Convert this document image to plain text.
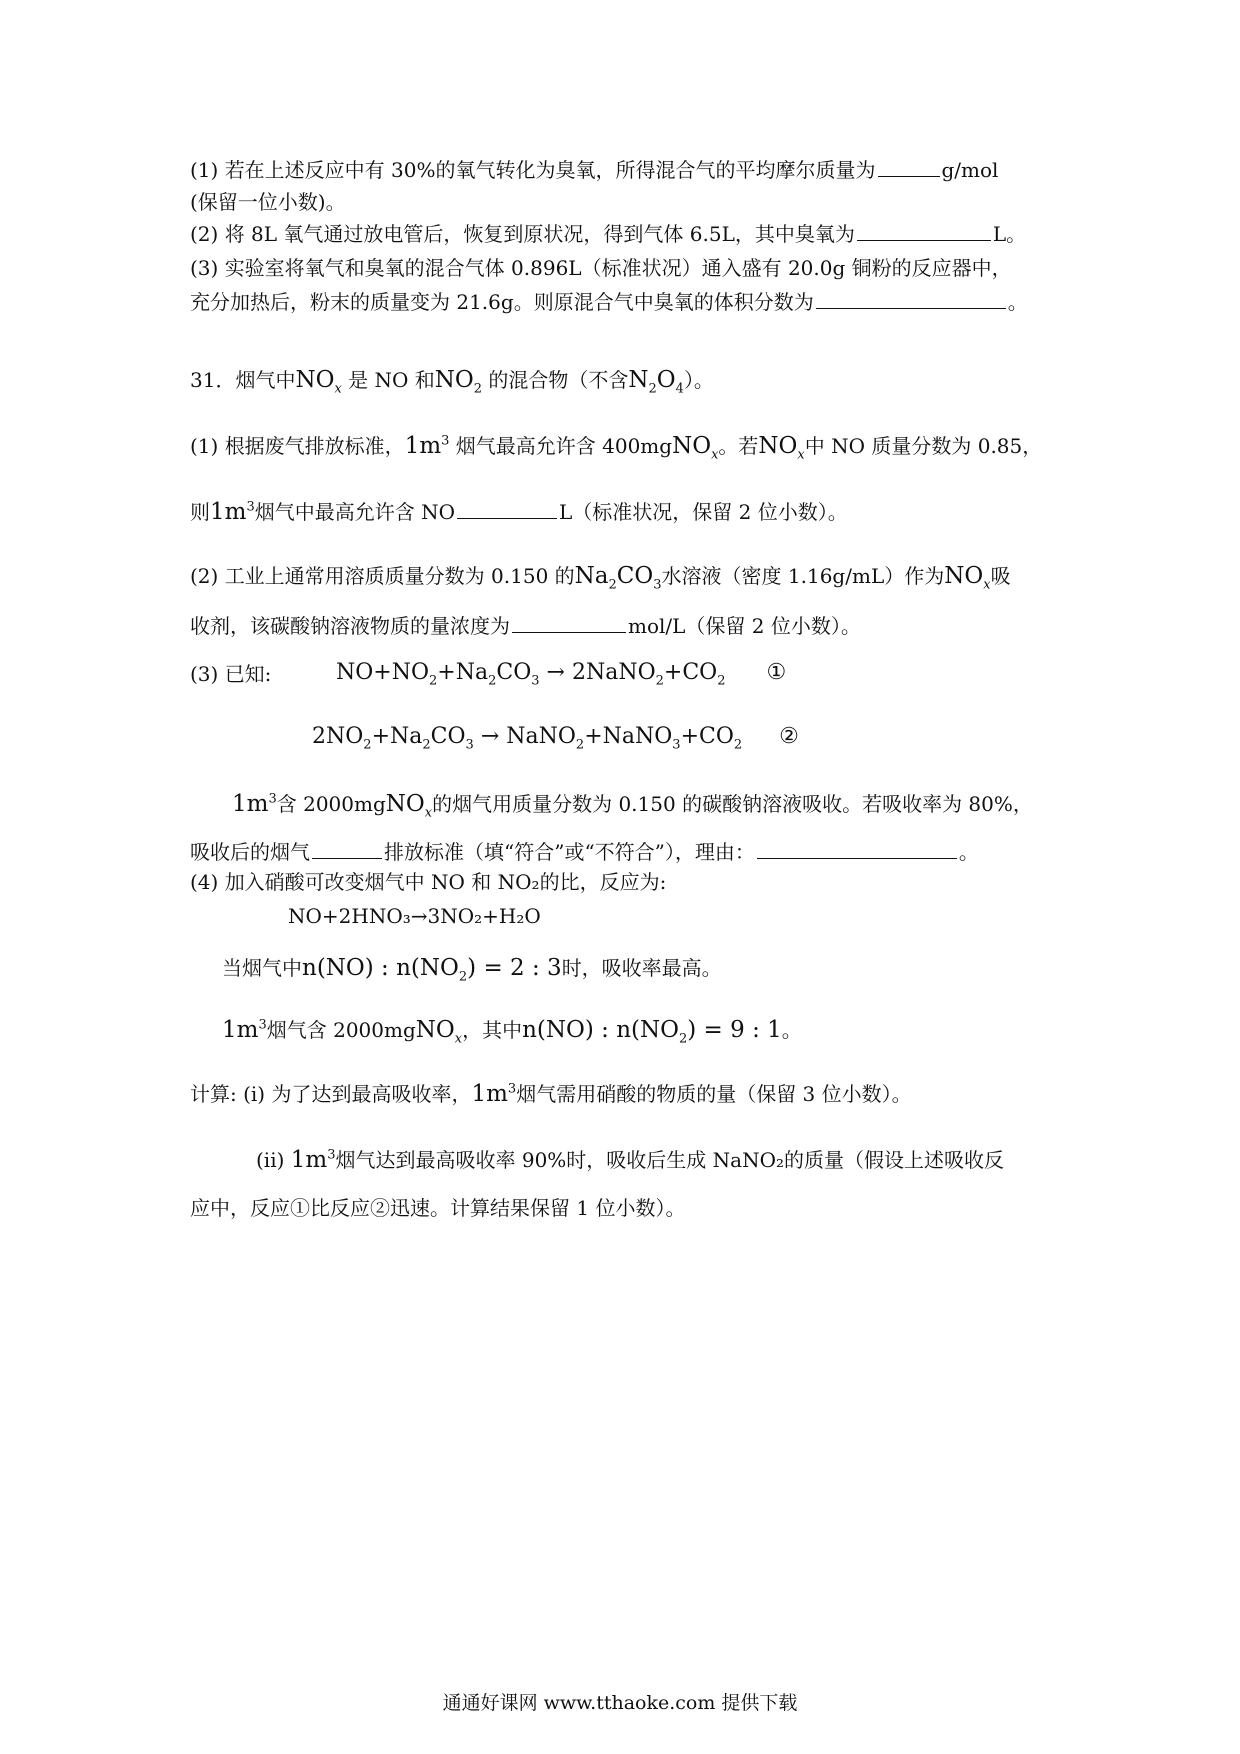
(1) 若在上述反应中有 30%的氧气转化为臭氧，所得混合气的平均摩尔质量为	g/mol
(保留一位小数)。
(2) 将 8L 氧气通过放电管后，恢复到原状况，得到气体 6.5L，其中臭氧为	L。
(3) 实验室将氧气和臭氧的混合气体 0.896L（标准状况）通入盛有 20.0g 铜粉的反应器中，
充分加热后，粉末的质量变为 21.6g。则原混合气中臭氧的体积分数为	。
31．烟气中$NO_x$ 是 NO 和$NO_2$ 的混合物（不含$N_2O_4$）。
(1) 根据废气排放标准，$1m^3$ 烟气最高允许含 400mgNO$_x$。若$NO_x$中 NO 质量分数为 0.85，
则$1m^3$烟气中最高允许含 NO	L（标准状况，保留 2 位小数）。
(2) 工业上通常用溶质质量分数为 0.150 的$Na_2CO_3$水溶液（密度 1.16g/mL）作为$NO_x$吸
收剂，该碳酸钠溶液物质的量浓度为	mol/L（保留 2 位小数）。
(3) 已知:	$NO+NO_2+Na_2CO_3$ → $2NaNO_2+CO_2$ ①
$2NO_2+Na_2CO_3$ → $NaNO_2+NaNO_3+CO_2$ ②
$1m^3$含 2000mgNO$_x$的烟气用质量分数为 0.150 的碳酸钠溶液吸收。若吸收率为 80%，
吸收后的烟气	排放标准（填“符合”或“不符合”），理由：	。
(4) 加入硝酸可改变烟气中 NO 和 NO₂的比，反应为:
NO+2HNO₃→3NO₂+H₂O
当烟气中n(NO) : $n(NO_2) = 2$ : 3时，吸收率最高。
$1m^3$烟气含 2000mgNO$_x$，其中n(NO) : $n(NO_2) = 9$ : 1。
计算: (i) 为了达到最高吸收率，$1m^3$烟气需用硝酸的物质的量（保留 3 位小数）。
(ii) $1m^3$烟气达到最高吸收率 90%时，吸收后生成 NaNO₂的质量（假设上述吸收反
应中，反应①比反应②迅速。计算结果保留 1 位小数）。
通通好课网 www.tthaoke.com 提供下载
